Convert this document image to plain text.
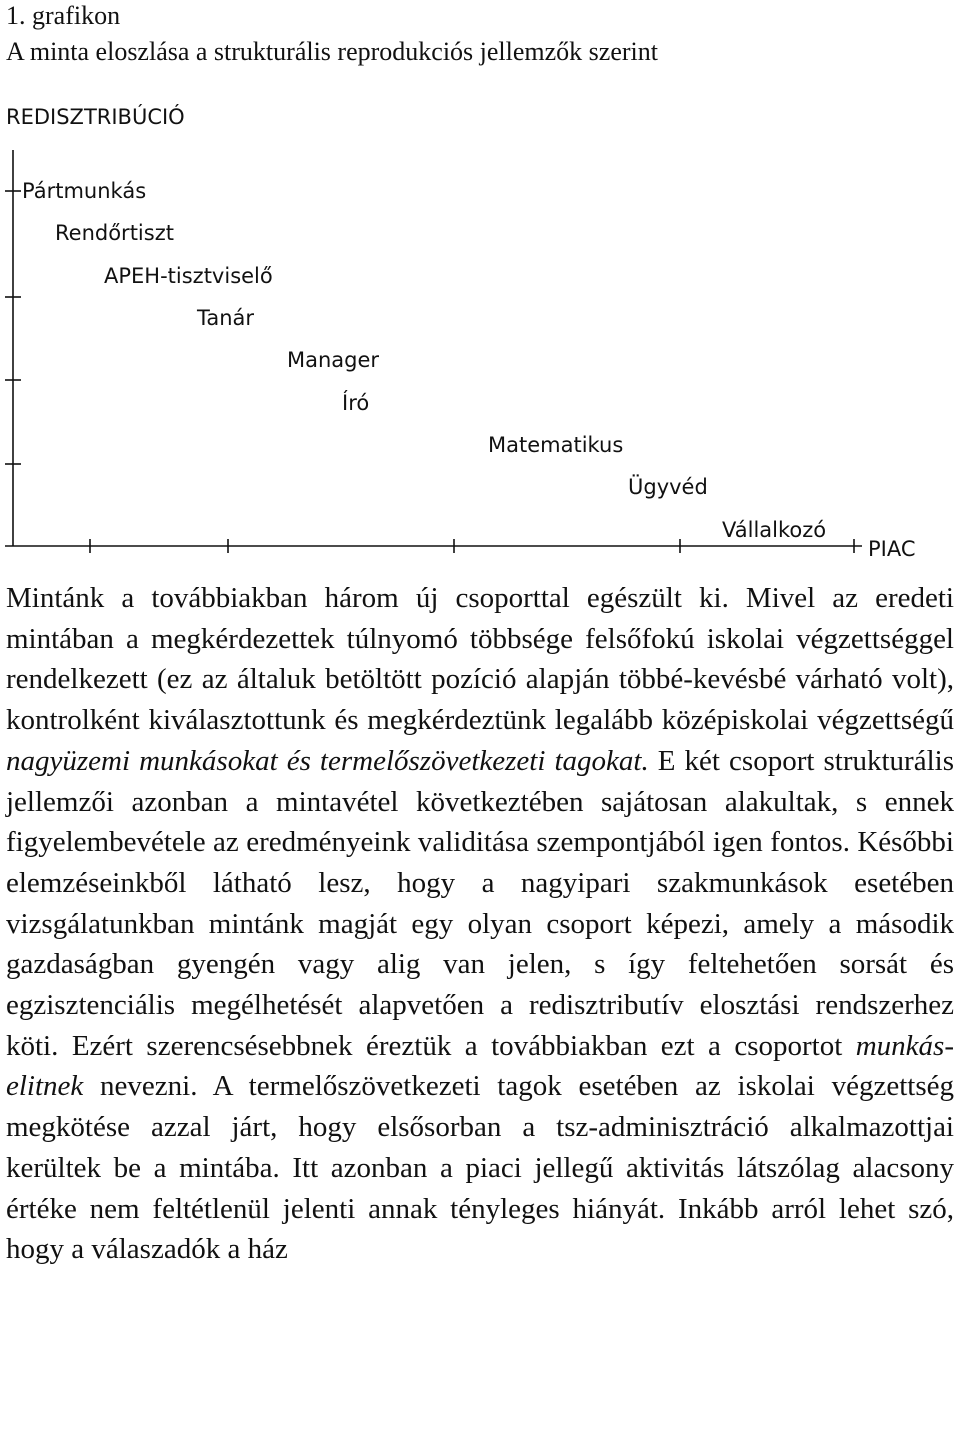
1. grafikon
A minta eloszlása a strukturális reprodukciós jellemzők szerint
REDISZTRIBÚCIÓ
PIAC
Pártmunkás
Rendőrtiszt
APEH-tisztviselő
Tanár
Manager
Író
Matematikus
Ügyvéd
Vállalkozó

Mintánk a továbbiakban három új csoporttal egészült ki. Mivel az eredeti mintában a megkérdezettek túlnyomó többsége felsőfokú iskolai végzettséggel rendelkezett (ez az általuk betöltött pozíció alapján többé-kevésbé várható volt), kontrolként kiválasztottunk és megkérdeztünk legalább középiskolai végzettségű nagyüzemi munkásokat és termelőszövetkezeti tagokat. E két csoport strukturális jellemzői azonban a mintavétel következtében sajátosan alakultak, s ennek figyelembevétele az eredményeink validitása szempontjából igen fontos. Későbbi elemzéseinkből látható lesz, hogy a nagyipari szakmunkások esetében vizsgálatunkban mintánk magját egy olyan csoport képezi, amely a második gazdaságban gyengén vagy alig van jelen, s így feltehetően sorsát és egzisztenciális megélhetését alapvetően a redisztributív elosztási rendszerhez köti. Ezért szerencsésebbnek éreztük a továbbiakban ezt a csoportot munkás-elitnek nevezni. A termelőszövetkezeti tagok esetében az iskolai végzettség megkötése azzal járt, hogy elsősorban a tsz-adminisztráció alkalmazottjai kerültek be a mintába. Itt azonban a piaci jellegű aktivitás látszólag alacsony értéke nem feltétlenül jelenti annak tényleges hiányát. Inkább arról lehet szó, hogy a válaszadók a ház
